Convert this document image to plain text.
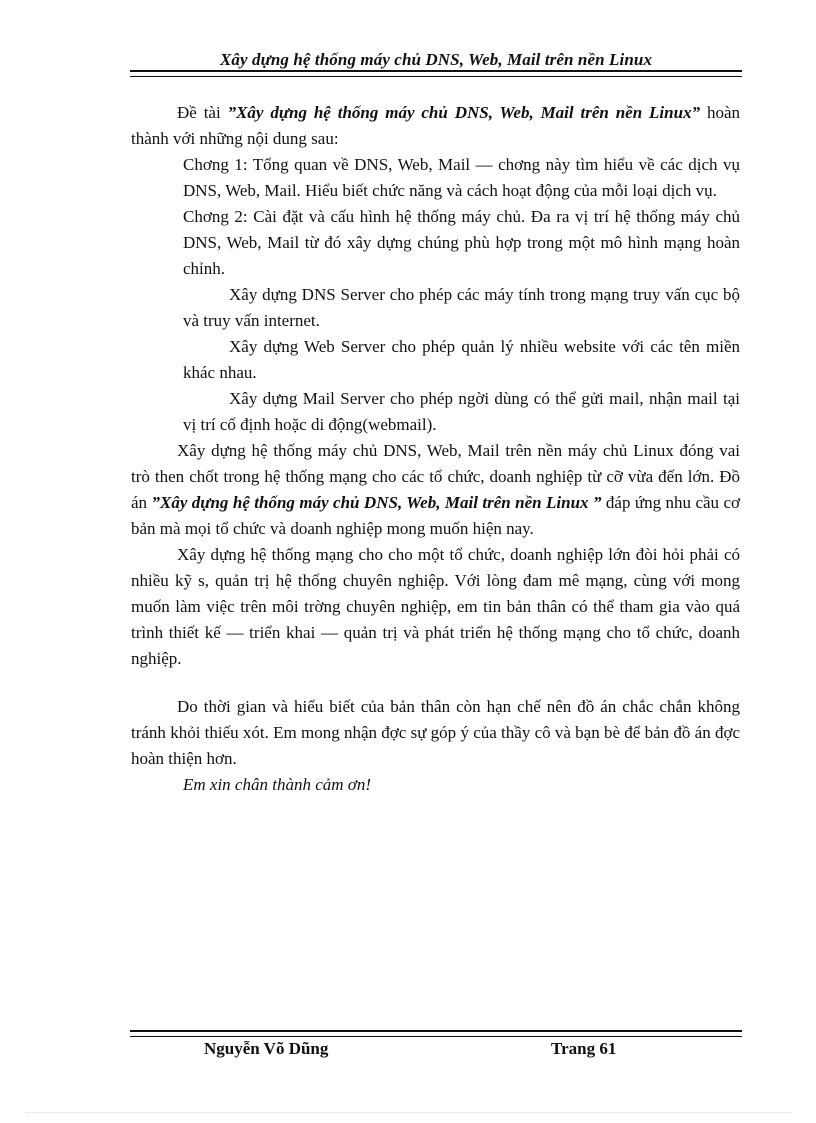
Xây dựng hệ thống máy chủ DNS, Web, Mail trên nền Linux

Đề tài ”Xây dựng hệ thống máy chủ DNS, Web, Mail trên nền Linux” hoàn thành với những nội dung sau:

Chơng 1: Tổng quan về DNS, Web, Mail — chơng này tìm hiểu về các dịch vụ DNS, Web, Mail. Hiểu biết chức năng và cách hoạt động của mỗi loại dịch vụ.

Chơng 2: Cài đặt và cấu hình hệ thống máy chủ. Đa ra vị trí hệ thống máy chủ DNS, Web, Mail từ đó xây dựng chúng phù hợp trong một mô hình mạng hoàn chỉnh.

Xây dựng DNS Server cho phép các máy tính trong mạng truy vấn cục bộ và truy vấn internet.

Xây dựng Web Server cho phép quản lý nhiều website với các tên miền khác nhau.

Xây dựng Mail Server cho phép ngời dùng có thể gửi mail, nhận mail tại vị trí cố định hoặc di động(webmail).

Xây dựng hệ thống máy chủ DNS, Web, Mail trên nền máy chủ Linux đóng vai trò then chốt trong hệ thống mạng cho các tổ chức, doanh nghiệp từ cỡ vừa đến lớn. Đồ án ”Xây dựng hệ thống máy chủ DNS, Web, Mail trên nền Linux ” đáp ứng nhu cầu cơ bản mà mọi tổ chức và doanh nghiệp mong muốn hiện nay.

Xây dựng hệ thống mạng cho cho một tổ chức, doanh nghiệp lớn đòi hỏi phải có nhiều kỹ s, quản trị hệ thống chuyên nghiệp. Với lòng đam mê mạng, cùng với mong muốn làm việc trên môi trờng chuyên nghiệp, em tin bản thân có thể tham gia vào quá trình thiết kế — triển khai — quản trị và phát triển hệ thống mạng cho tổ chức, doanh nghiệp.

Do thời gian và hiểu biết của bản thân còn hạn chế nên đồ án chắc chắn không tránh khỏi thiếu xót. Em mong nhận đợc sự góp ý của thầy cô và bạn bè để bản đồ án đợc hoàn thiện hơn.

Em xin chân thành cảm ơn!

Nguyễn Võ Dũng	Trang 61
